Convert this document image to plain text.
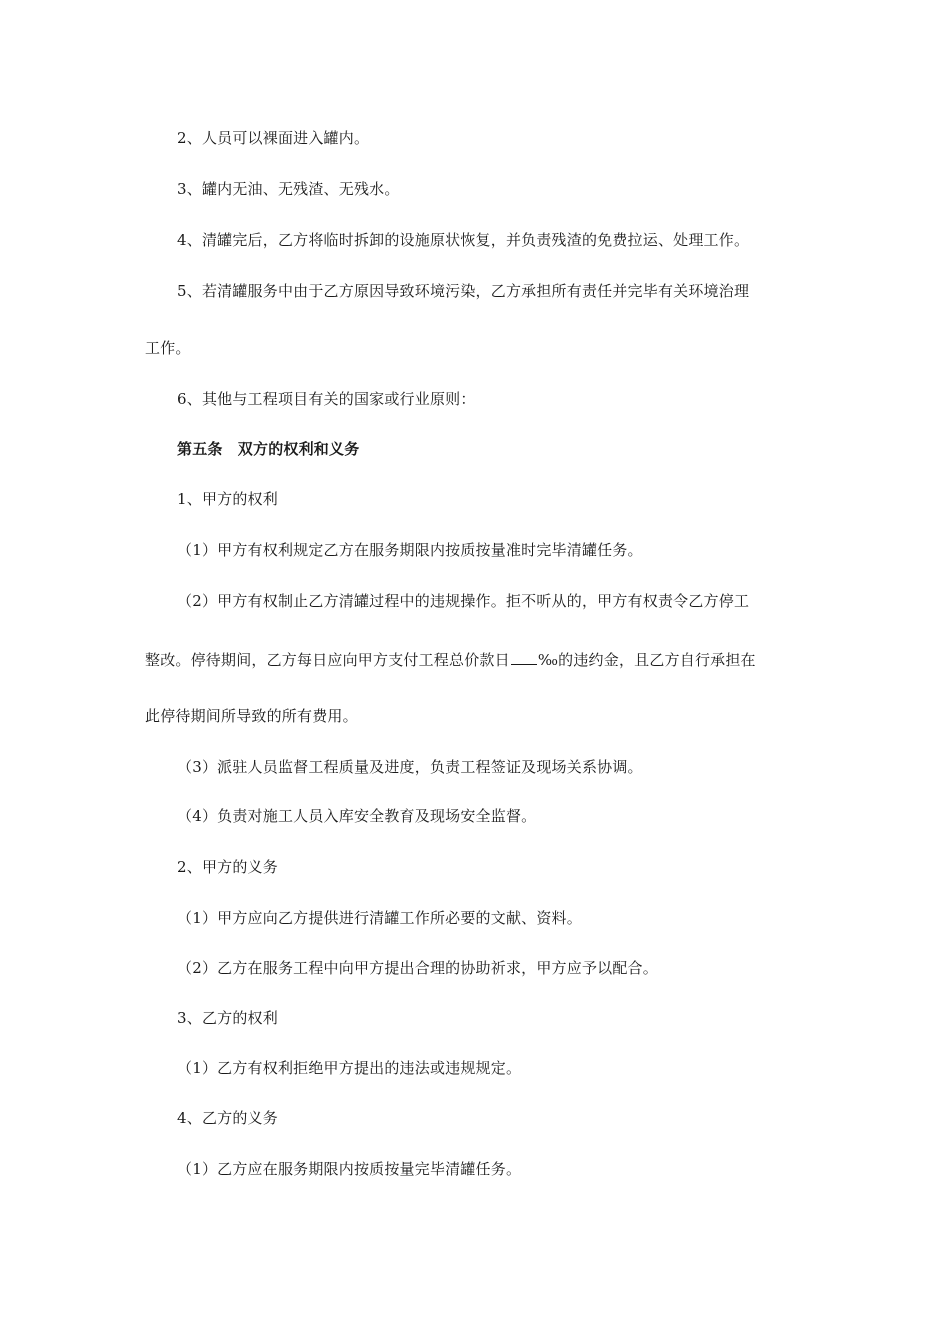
2、人员可以裸面进入罐内。
3、罐内无油、无残渣、无残水。
4、清罐完后，乙方将临时拆卸的设施原状恢复，并负责残渣的免费拉运、处理工作。
5、若清罐服务中由于乙方原因导致环境污染，乙方承担所有责任并完毕有关环境治理
工作。
6、其他与工程项目有关的国家或行业原则：
第五条　双方的权利和义务
1、甲方的权利
（1）甲方有权利规定乙方在服务期限内按质按量准时完毕清罐任务。
（2）甲方有权制止乙方清罐过程中的违规操作。拒不听从的，甲方有权责令乙方停工
整改。停待期间，乙方每日应向甲方支付工程总价款日 ‰的违约金，且乙方自行承担在
此停待期间所导致的所有费用。
（3）派驻人员监督工程质量及进度，负责工程签证及现场关系协调。
（4）负责对施工人员入库安全教育及现场安全监督。
2、甲方的义务
（1）甲方应向乙方提供进行清罐工作所必要的文献、资料。
（2）乙方在服务工程中向甲方提出合理的协助祈求，甲方应予以配合。
3、乙方的权利
（1）乙方有权利拒绝甲方提出的违法或违规规定。
4、乙方的义务
（1）乙方应在服务期限内按质按量完毕清罐任务。
